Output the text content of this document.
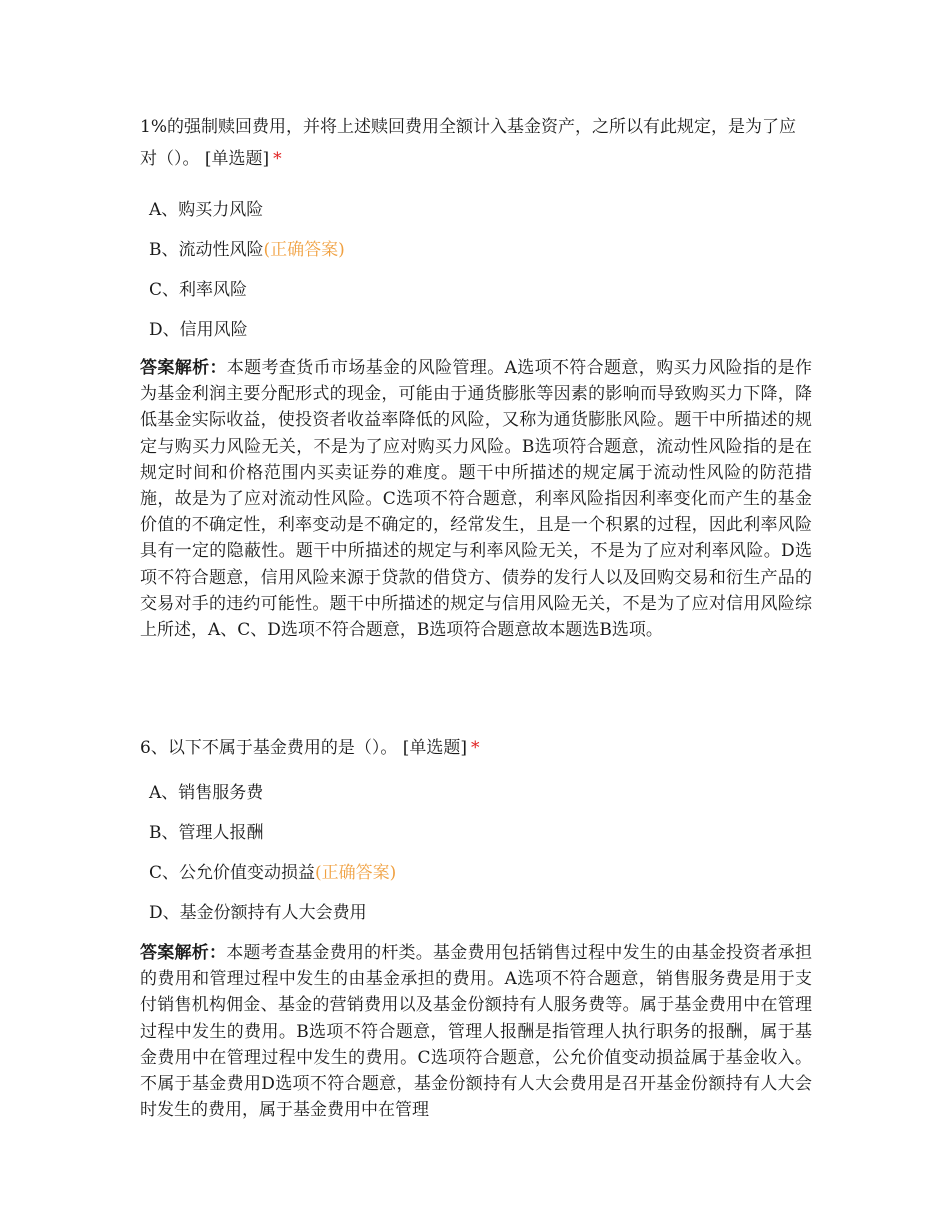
1%的强制赎回费用，并将上述赎回费用全额计入基金资产，之所以有此规定，是为了应对（）。 [单选题] *

A、购买力风险
B、流动性风险 (正确答案)
C、利率风险
D、信用风险

答案解析：本题考查货币市场基金的风险管理。A选项不符合题意，购买力风险指的是作为基金利润主要分配形式的现金，可能由于通货膨胀等因素的影响而导致购买力下降，降低基金实际收益，使投资者收益率降低的风险，又称为通货膨胀风险。题干中所描述的规定与购买力风险无关，不是为了应对购买力风险。B选项符合题意，流动性风险指的是在规定时间和价格范围内买卖证券的难度。题干中所描述的规定属于流动性风险的防范措施，故是为了应对流动性风险。C选项不符合题意，利率风险指因利率变化而产生的基金价值的不确定性，利率变动是不确定的，经常发生，且是一个积累的过程，因此利率风险具有一定的隐蔽性。题干中所描述的规定与利率风险无关，不是为了应对利率风险。D选项不符合题意，信用风险来源于贷款的借贷方、债券的发行人以及回购交易和衍生产品的交易对手的违约可能性。题干中所描述的规定与信用风险无关，不是为了应对信用风险综上所述，A、C、D选项不符合题意，B选项符合题意故本题选B选项。

6、以下不属于基金费用的是（）。 [单选题] *

A、销售服务费
B、管理人报酬
C、公允价值变动损益 (正确答案)
D、基金份额持有人大会费用

答案解析：本题考查基金费用的杆类。基金费用包括销售过程中发生的由基金投资者承担的费用和管理过程中发生的由基金承担的费用。A选项不符合题意，销售服务费是用于支付销售机构佣金、基金的营销费用以及基金份额持有人服务费等。属于基金费用中在管理过程中发生的费用。B选项不符合题意，管理人报酬是指管理人执行职务的报酬，属于基金费用中在管理过程中发生的费用。C选项符合题意，公允价值变动损益属于基金收入。不属于基金费用D选项不符合题意，基金份额持有人大会费用是召开基金份额持有人大会时发生的费用，属于基金费用中在管理
